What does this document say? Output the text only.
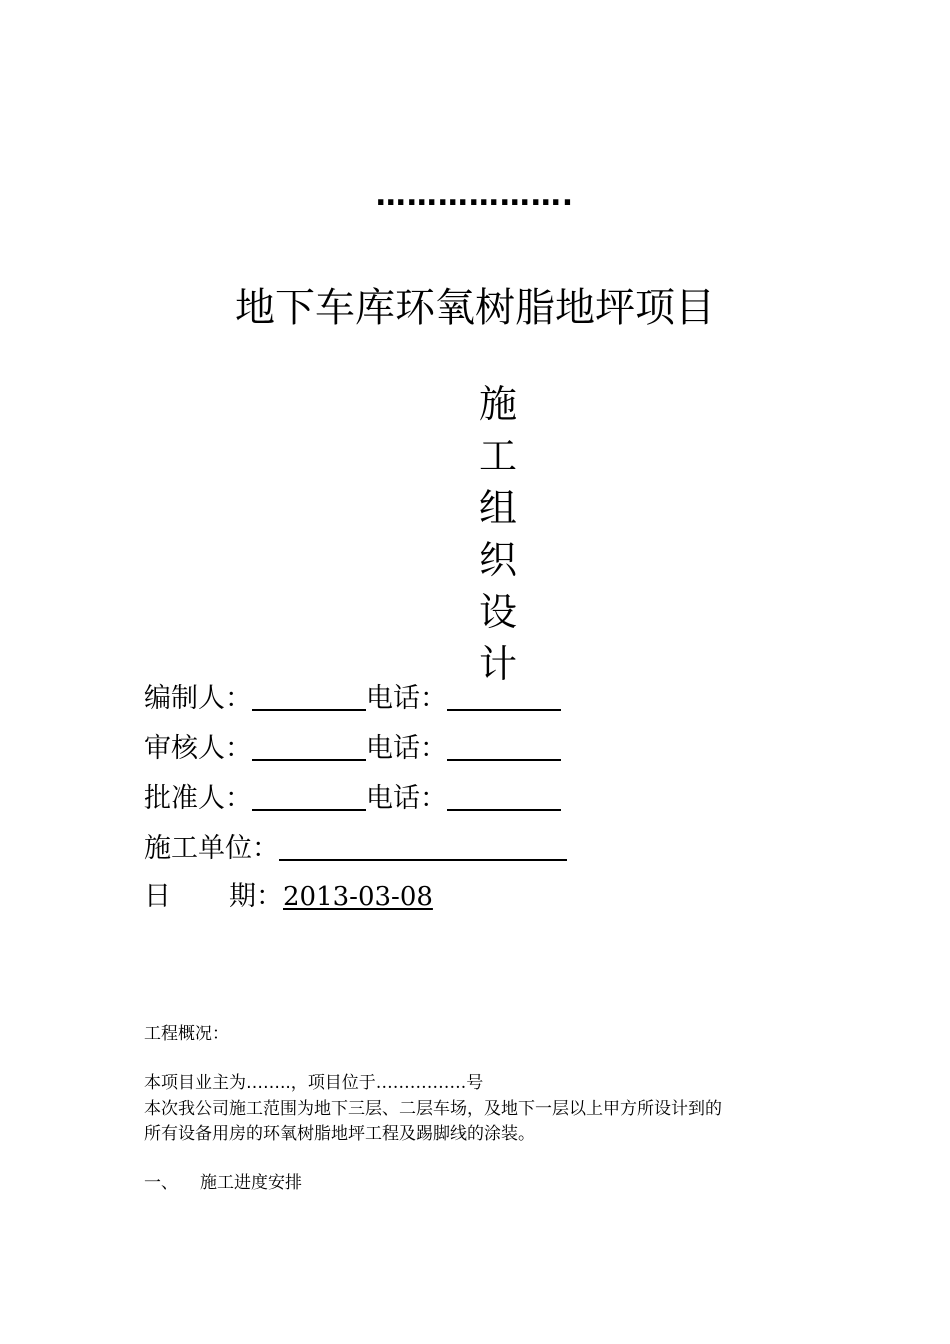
……………….
地下车库环氧树脂地坪项目
施
工
组
织
设
计
编制人：	电话：
审核人：	电话：
批准人：	电话：
施工单位：
日 期：2013-03-08
工程概况：
本项目业主为……..，项目位于…………….号
本次我公司施工范围为地下三层、二层车场，及地下一层以上甲方所设计到的
所有设备用房的环氧树脂地坪工程及踢脚线的涂装。
一、 施工进度安排
